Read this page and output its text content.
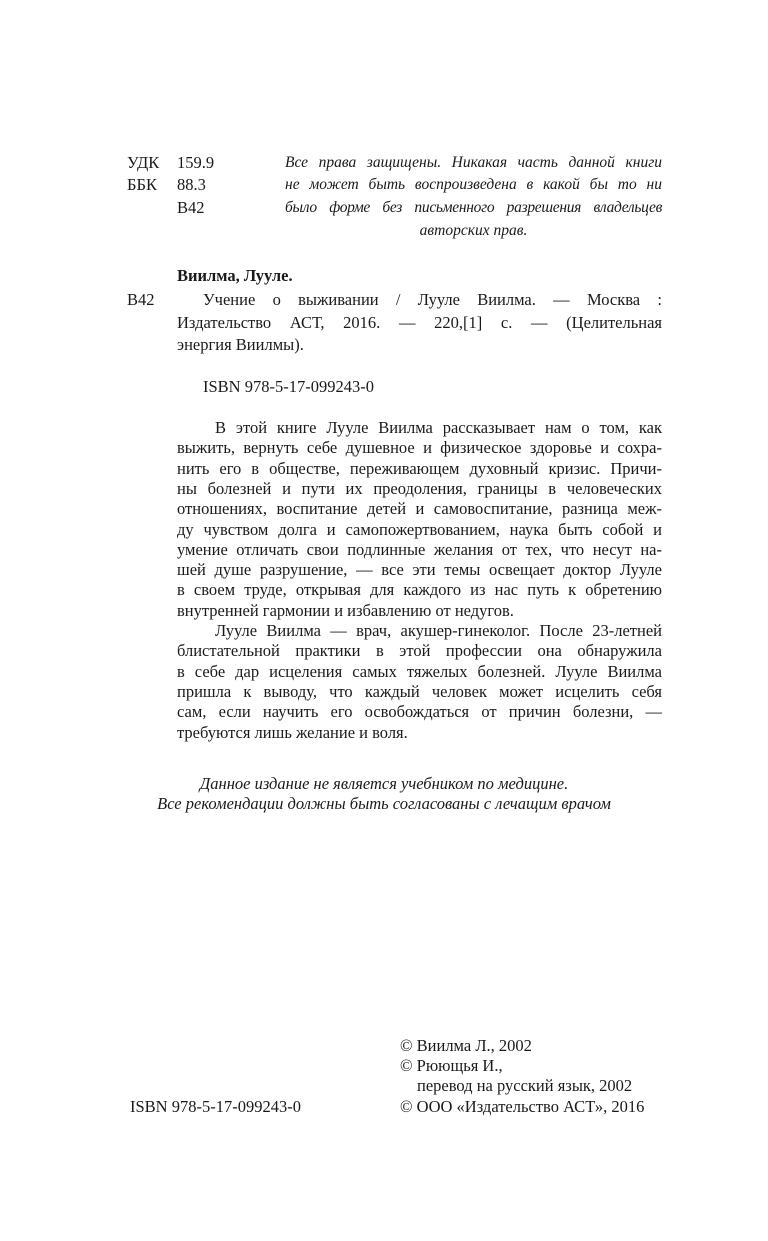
УДК 159.9
ББК 88.3
В42
Все права защищены. Никакая часть данной книги
не может быть воспроизведена в какой бы то ни
было форме без письменного разрешения владельцев
авторских прав.
Виилма, Лууле.
В42	Учение о выживании / Лууле Виилма. — Москва :
Издательство АСТ, 2016. — 220,[1] с. — (Целительная
энергия Виилмы).
ISBN 978-5-17-099243-0
В этой книге Лууле Виилма рассказывает нам о том, как
выжить, вернуть себе душевное и физическое здоровье и сохра-
нить его в обществе, переживающем духовный кризис. Причи-
ны болезней и пути их преодоления, границы в человеческих
отношениях, воспитание детей и самовоспитание, разница меж-
ду чувством долга и самопожертвованием, наука быть собой и
умение отличать свои подлинные желания от тех, что несут на-
шей душе разрушение, — все эти темы освещает доктор Лууле
в своем труде, открывая для каждого из нас путь к обретению
внутренней гармонии и избавлению от недугов.
Лууле Виилма — врач, акушер-гинеколог. После 23-летней
блистательной практики в этой профессии она обнаружила
в себе дар исцеления самых тяжелых болезней. Лууле Виилма
пришла к выводу, что каждый человек может исцелить себя
сам, если научить его освобождаться от причин болезни, —
требуются лишь желание и воля.
Данное издание не является учебником по медицине.
Все рекомендации должны быть согласованы с лечащим врачом
ISBN 978-5-17-099243-0
© Виилма Л., 2002
© Рюющья И.,
перевод на русский язык, 2002
© ООО «Издательство АСТ», 2016
